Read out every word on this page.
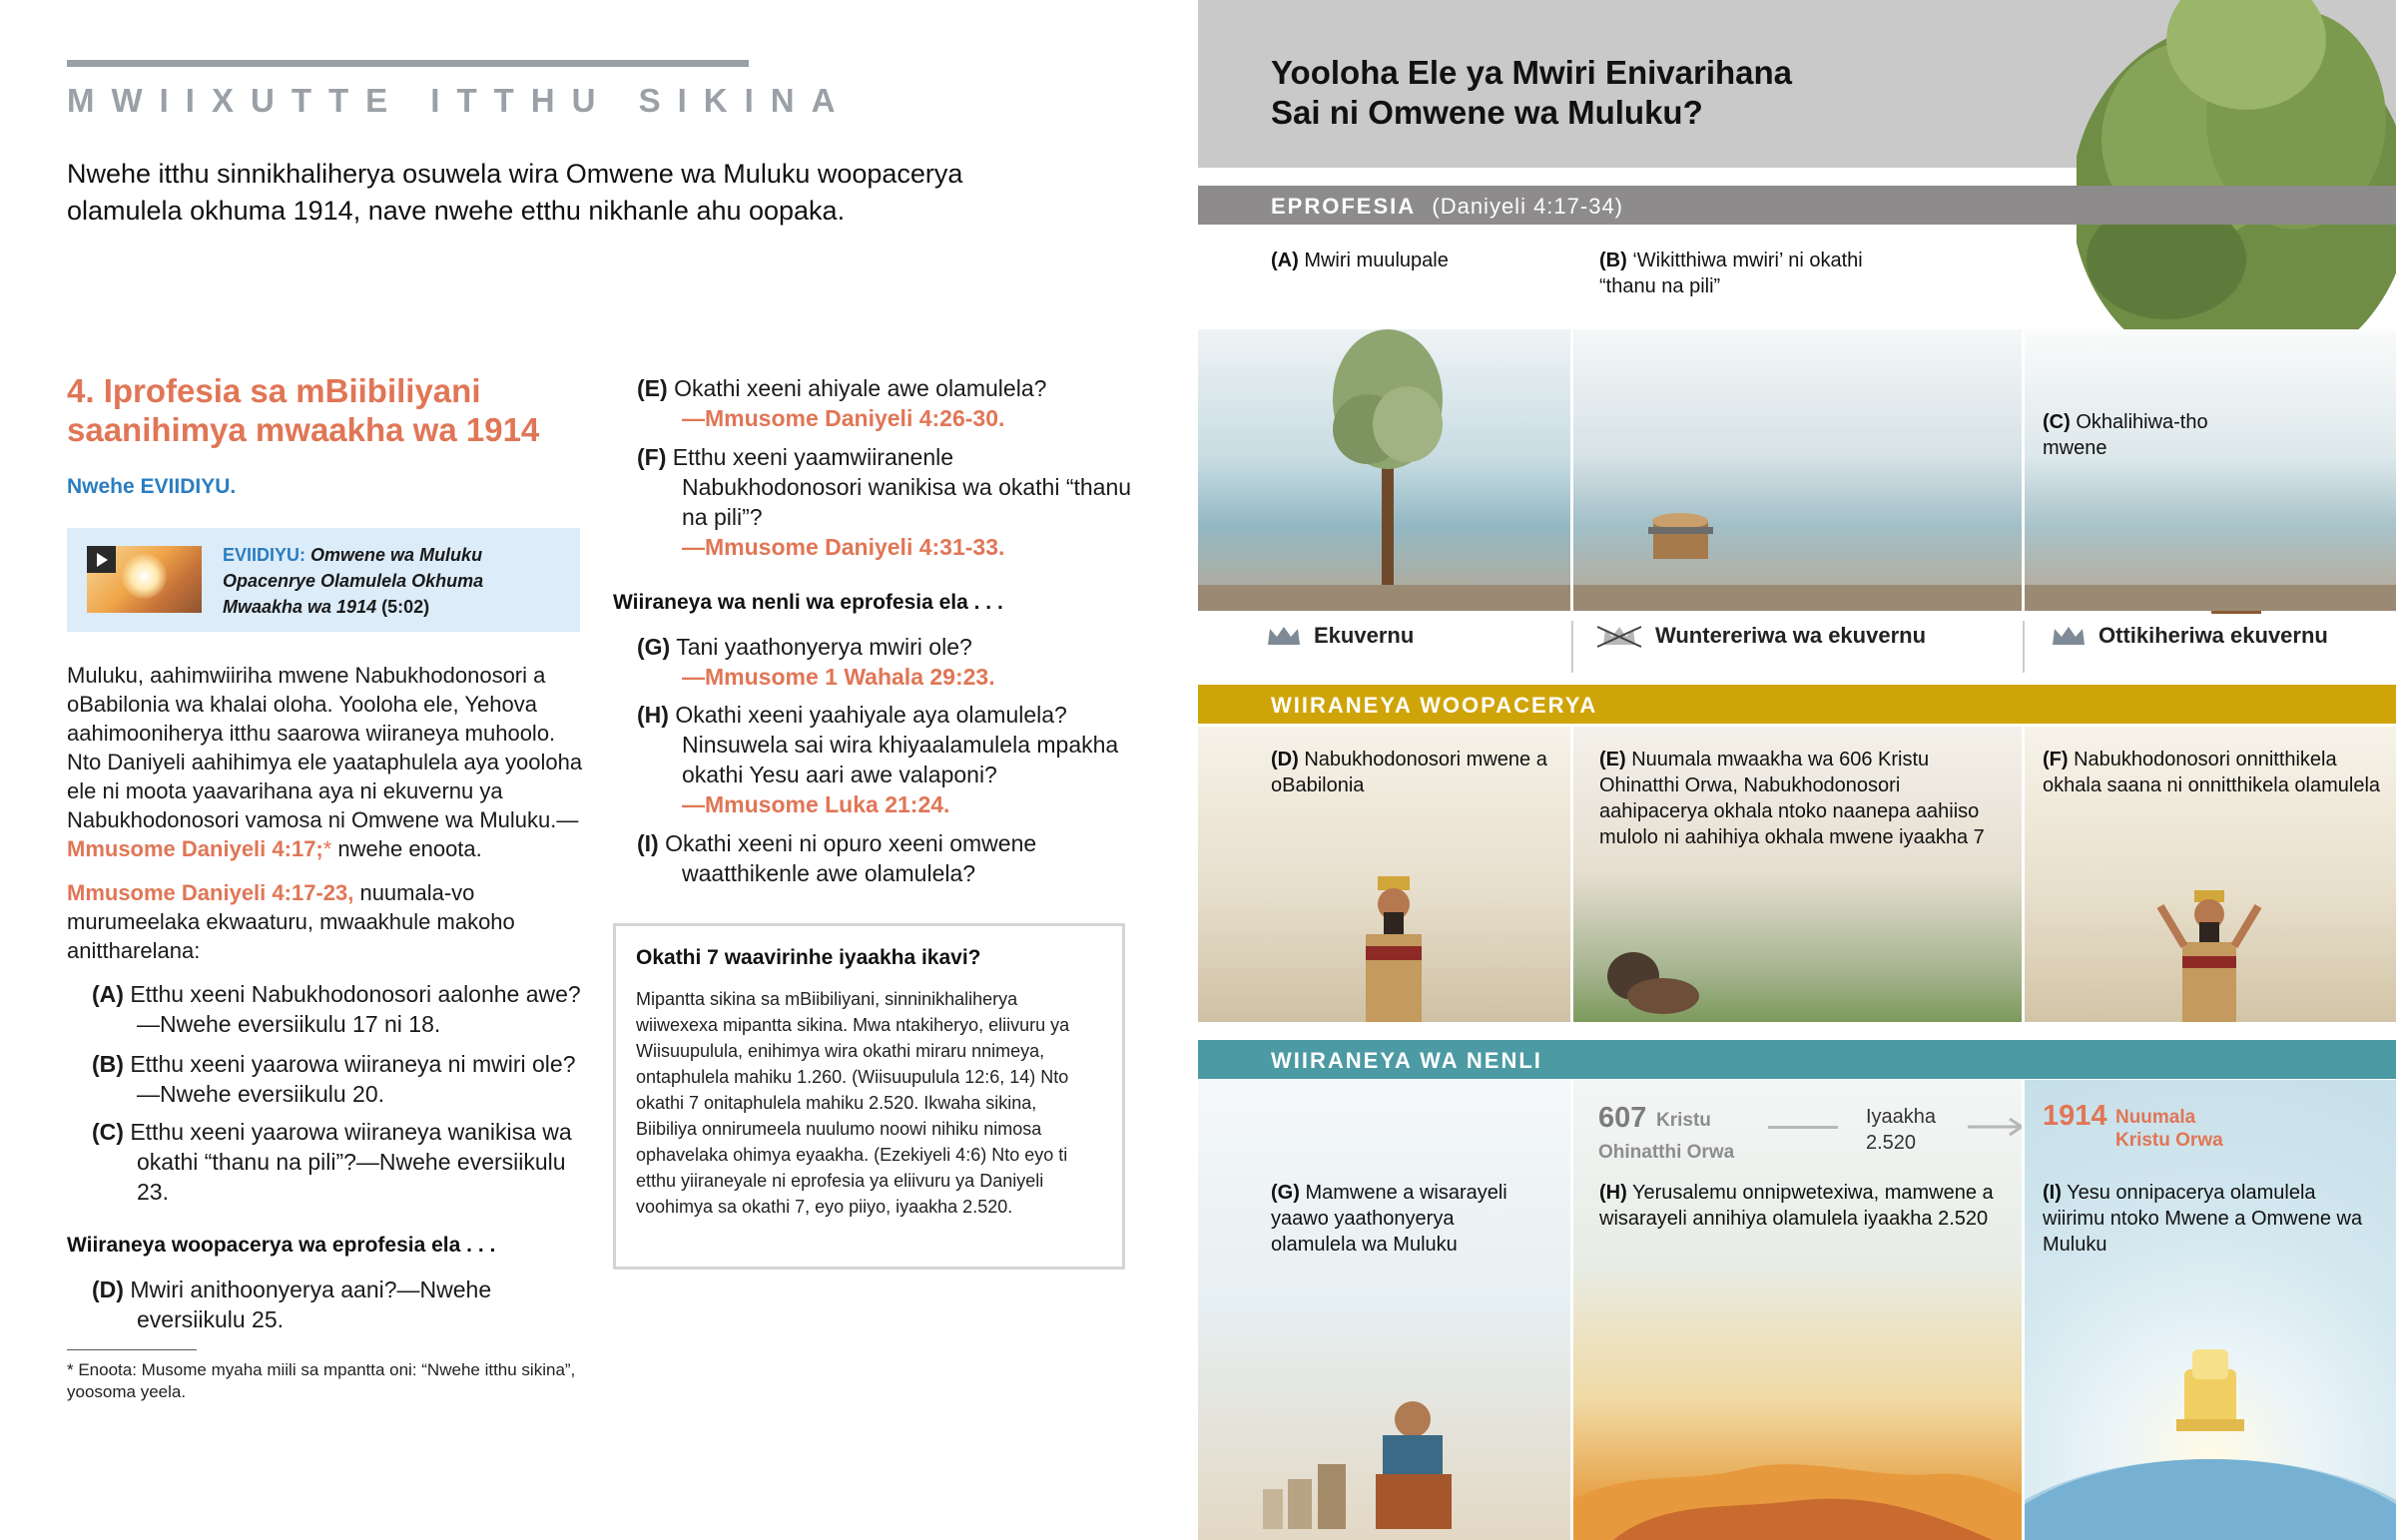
MWIIXUTTE ITTHU SIKINA
Nwehe itthu sinnikhaliherya osuwela wira Omwene wa Muluku woopacerya olamulela okhuma 1914, nave nwehe etthu nikhanle ahu oopaka.
4. Iprofesia sa mBiibiliyani saanihimya mwaakha wa 1914
Nwehe EVIIDIYU.
EVIIDIYU: Omwene wa Muluku Opacenrye Olamulela Okhuma Mwaakha wa 1914 (5:02)
Muluku, aahimwiiriha mwene Nabukhodonosori a oBabilonia wa khalai oloha. Yooloha ele, Yehova aahimooniherya itthu saarowa wiiraneya muhoolo. Nto Daniyeli aahihimya ele yaataphulela aya yooloha ele ni moota yaavarihana aya ni ekuvernu ya Nabukhodonosori vamosa ni Omwene wa Muluku.—Mmusome Daniyeli 4:17;* nwehe enoota.
Mmusome Daniyeli 4:17-23, nuumala-vo murumeelaka ekwaaturu, mwaakhule makoho anittharelana:
(A) Etthu xeeni Nabukhodonosori aalonhe awe?—Nwehe eversiikulu 17 ni 18.
(B) Etthu xeeni yaarowa wiiraneya ni mwiri ole?—Nwehe eversiikulu 20.
(C) Etthu xeeni yaarowa wiiraneya wanikisa wa okathi “thanu na pili”?—Nwehe eversiikulu 23.
Wiiraneya woopacerya wa eprofesia ela . . .
(D) Mwiri anithoonyerya aani?—Nwehe eversiikulu 25.
* Enoota: Musome myaha miili sa mpantta oni: “Nwehe itthu sikina”, yoosoma yeela.
(E) Okathi xeeni ahiyale awe olamulela?
—Mmusome Daniyeli 4:26-30.
(F) Etthu xeeni yaamwiiranenle Nabukhodonosori wanikisa wa okathi “thanu na pili”?
—Mmusome Daniyeli 4:31-33.
Wiiraneya wa nenli wa eprofesia ela . . .
(G) Tani yaathonyerya mwiri ole?
—Mmusome 1 Wahala 29:23.
(H) Okathi xeeni yaahiyale aya olamulela? Ninsuwela sai wira khiyaalamulela mpakha okathi Yesu aari awe valaponi?
—Mmusome Luka 21:24.
(I) Okathi xeeni ni opuro xeeni omwene waatthikenle awe olamulela?
Okathi 7 waavirinhe iyaakha ikavi?
Mipantta sikina sa mBiibiliyani, sinninikhaliherya wiiwexexa mipantta sikina. Mwa ntakiheryo, eliivuru ya Wiisuupulula, enihimya wira okathi miraru nnimeya, ontaphulela mahiku 1.260. (Wiisuupulula 12:6, 14) Nto okathi 7 onitaphulela mahiku 2.520. Ikwaha sikina, Biibiliya onnirumeela nuulumo noowi nihiku nimosa ophavelaka ohimya eyaakha. (Ezekiyeli 4:6) Nto eyo ti etthu yiiraneyale ni eprofesia ya eliivuru ya Daniyeli voohimya sa okathi 7, eyo piiyo, iyaakha 2.520.
Yooloha Ele ya Mwiri Enivarihana
Sai ni Omwene wa Muluku?
EPROFESIA (Daniyeli 4:17-34)
(A) Mwiri muulupale	(B) ‘Wikitthiwa mwiri’ ni okathi “thanu na pili”
(C) Okhalihiwa-tho mwene
Ekuvernu	Wuntereriwa wa ekuvernu	Ottikiheriwa ekuvernu
WIIRANEYA WOOPACERYA
(D) Nabukhodonosori mwene a oBabilonia
(E) Nuumala mwaakha wa 606 Kristu Ohinatthi Orwa, Nabukhodonosori aahipacerya okhala ntoko naanepa aahiiso mulolo ni aahihiya okhala mwene iyaakha 7
(F) Nabukhodonosori onnitthikela okhala saana ni onnitthikela olamulela
WIIRANEYA WA NENLI
(G) Mamwene a wisarayeli yaawo yaathonyerya olamulela wa Muluku
607 Kristu
Ohinatthi Orwa
Iyaakha 2.520
(H) Yerusalemu onnipwetexiwa, mamwene a wisarayeli annihiya olamulela iyaakha 2.520
1914 Nuumala Kristu Orwa
(I) Yesu onnipacerya olamulela wiirimu ntoko Mwene a Omwene wa Muluku
